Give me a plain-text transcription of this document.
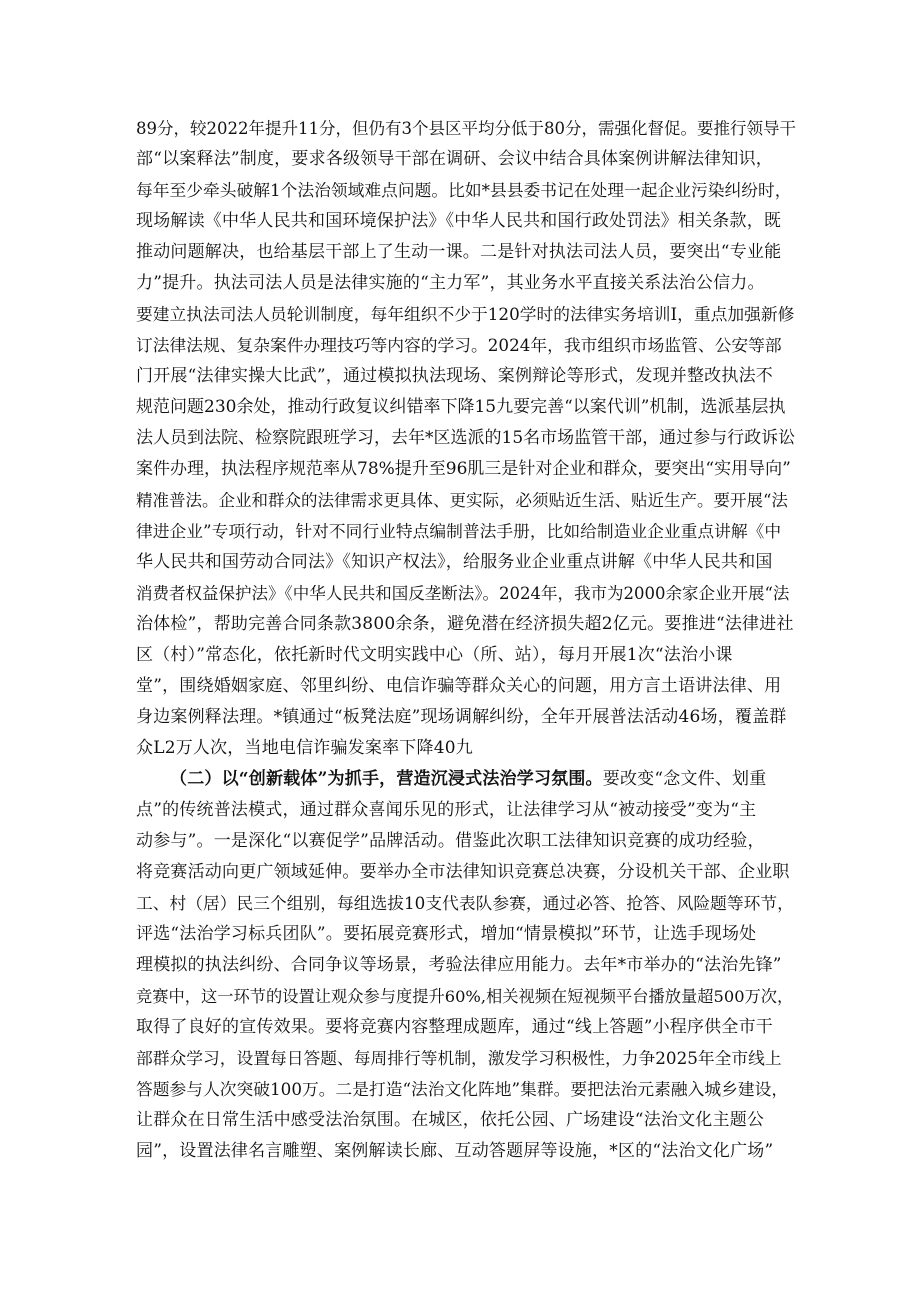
89分，较2022年提升11分，但仍有3个县区平均分低于80分，需强化督促。要推行领导干
部“以案释法”制度，要求各级领导干部在调研、会议中结合具体案例讲解法律知识，
每年至少牵头破解1个法治领域难点问题。比如*县县委书记在处理一起企业污染纠纷时，
现场解读《中华人民共和国环境保护法》《中华人民共和国行政处罚法》相关条款，既
推动问题解决，也给基层干部上了生动一课。二是针对执法司法人员，要突出“专业能
力”提升。执法司法人员是法律实施的“主力军”，其业务水平直接关系法治公信力。
要建立执法司法人员轮训制度，每年组织不少于120学时的法律实务培训I，重点加强新修
订法律法规、复杂案件办理技巧等内容的学习。2024年，我市组织市场监管、公安等部
门开展“法律实操大比武”，通过模拟执法现场、案例辩论等形式，发现并整改执法不
规范问题230余处，推动行政复议纠错率下降15九要完善“以案代训”机制，选派基层执
法人员到法院、检察院跟班学习，去年*区选派的15名市场监管干部，通过参与行政诉讼
案件办理，执法程序规范率从78%提升至96肌三是针对企业和群众，要突出“实用导向”
精准普法。企业和群众的法律需求更具体、更实际，必须贴近生活、贴近生产。要开展“法
律进企业”专项行动，针对不同行业特点编制普法手册，比如给制造业企业重点讲解《中
华人民共和国劳动合同法》《知识产权法》，给服务业企业重点讲解《中华人民共和国
消费者权益保护法》《中华人民共和国反垄断法》。2024年，我市为2000余家企业开展“法
治体检”，帮助完善合同条款3800余条，避免潜在经济损失超2亿元。要推进“法律进社
区（村）”常态化，依托新时代文明实践中心（所、站），每月开展1次“法治小课
堂”，围绕婚姻家庭、邻里纠纷、电信诈骗等群众关心的问题，用方言土语讲法律、用
身边案例释法理。*镇通过“板凳法庭”现场调解纠纷，全年开展普法活动46场，覆盖群
众L2万人次，当地电信诈骗发案率下降40九
（二）以“创新载体”为抓手，营造沉浸式法治学习氛围。要改变“念文件、划重
点”的传统普法模式，通过群众喜闻乐见的形式，让法律学习从“被动接受”变为“主
动参与”。一是深化“以赛促学”品牌活动。借鉴此次职工法律知识竞赛的成功经验，
将竞赛活动向更广领域延伸。要举办全市法律知识竞赛总决赛，分设机关干部、企业职
工、村（居）民三个组别，每组选拔10支代表队参赛，通过必答、抢答、风险题等环节，
评选“法治学习标兵团队”。要拓展竞赛形式，增加“情景模拟”环节，让选手现场处
理模拟的执法纠纷、合同争议等场景，考验法律应用能力。去年*市举办的“法治先锋”
竞赛中，这一环节的设置让观众参与度提升60%,相关视频在短视频平台播放量超500万次，
取得了良好的宣传效果。要将竞赛内容整理成题库，通过“线上答题”小程序供全市干
部群众学习，设置每日答题、每周排行等机制，激发学习积极性，力争2025年全市线上
答题参与人次突破100万。二是打造“法治文化阵地”集群。要把法治元素融入城乡建设，
让群众在日常生活中感受法治氛围。在城区，依托公园、广场建设“法治文化主题公
园”，设置法律名言雕塑、案例解读长廊、互动答题屏等设施，*区的“法治文化广场”
